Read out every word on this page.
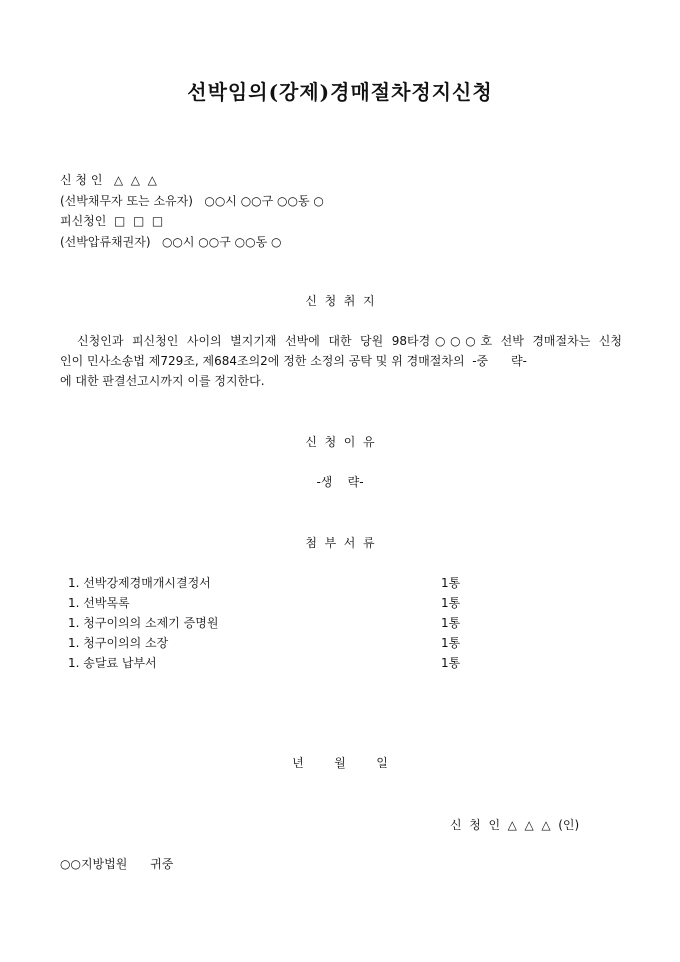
선박임의(강제)경매절차정지신청
신 청 인   △  △  △
(선박채무자 또는 소유자)   ○○시 ○○구 ○○동 ○
피신청인  □  □  □
(선박압류채권자)   ○○시 ○○구 ○○동 ○
신  청  취  지
신청인과 피신청인 사이의 별지기재 선박에 대한 당원 98타경○○○호 선박 경매절차는 신청
인이 민사소송법 제729조, 제684조의2에 정한 소정의 공탁 및 위 경매절차의  -중      략-
에 대한 판결선고시까지 이를 정지한다.
신  청  이  유
-생    략-
첨  부  서  류
1. 선박강제경매개시결정서	1통
1. 선박목록	1통
1. 청구이의의 소제기 증명원	1통
1. 청구이의의 소장	1통
1. 송달료 납부서	1통
년        월        일
신  청  인  △  △  △  (인)
○○지방법원      귀중
